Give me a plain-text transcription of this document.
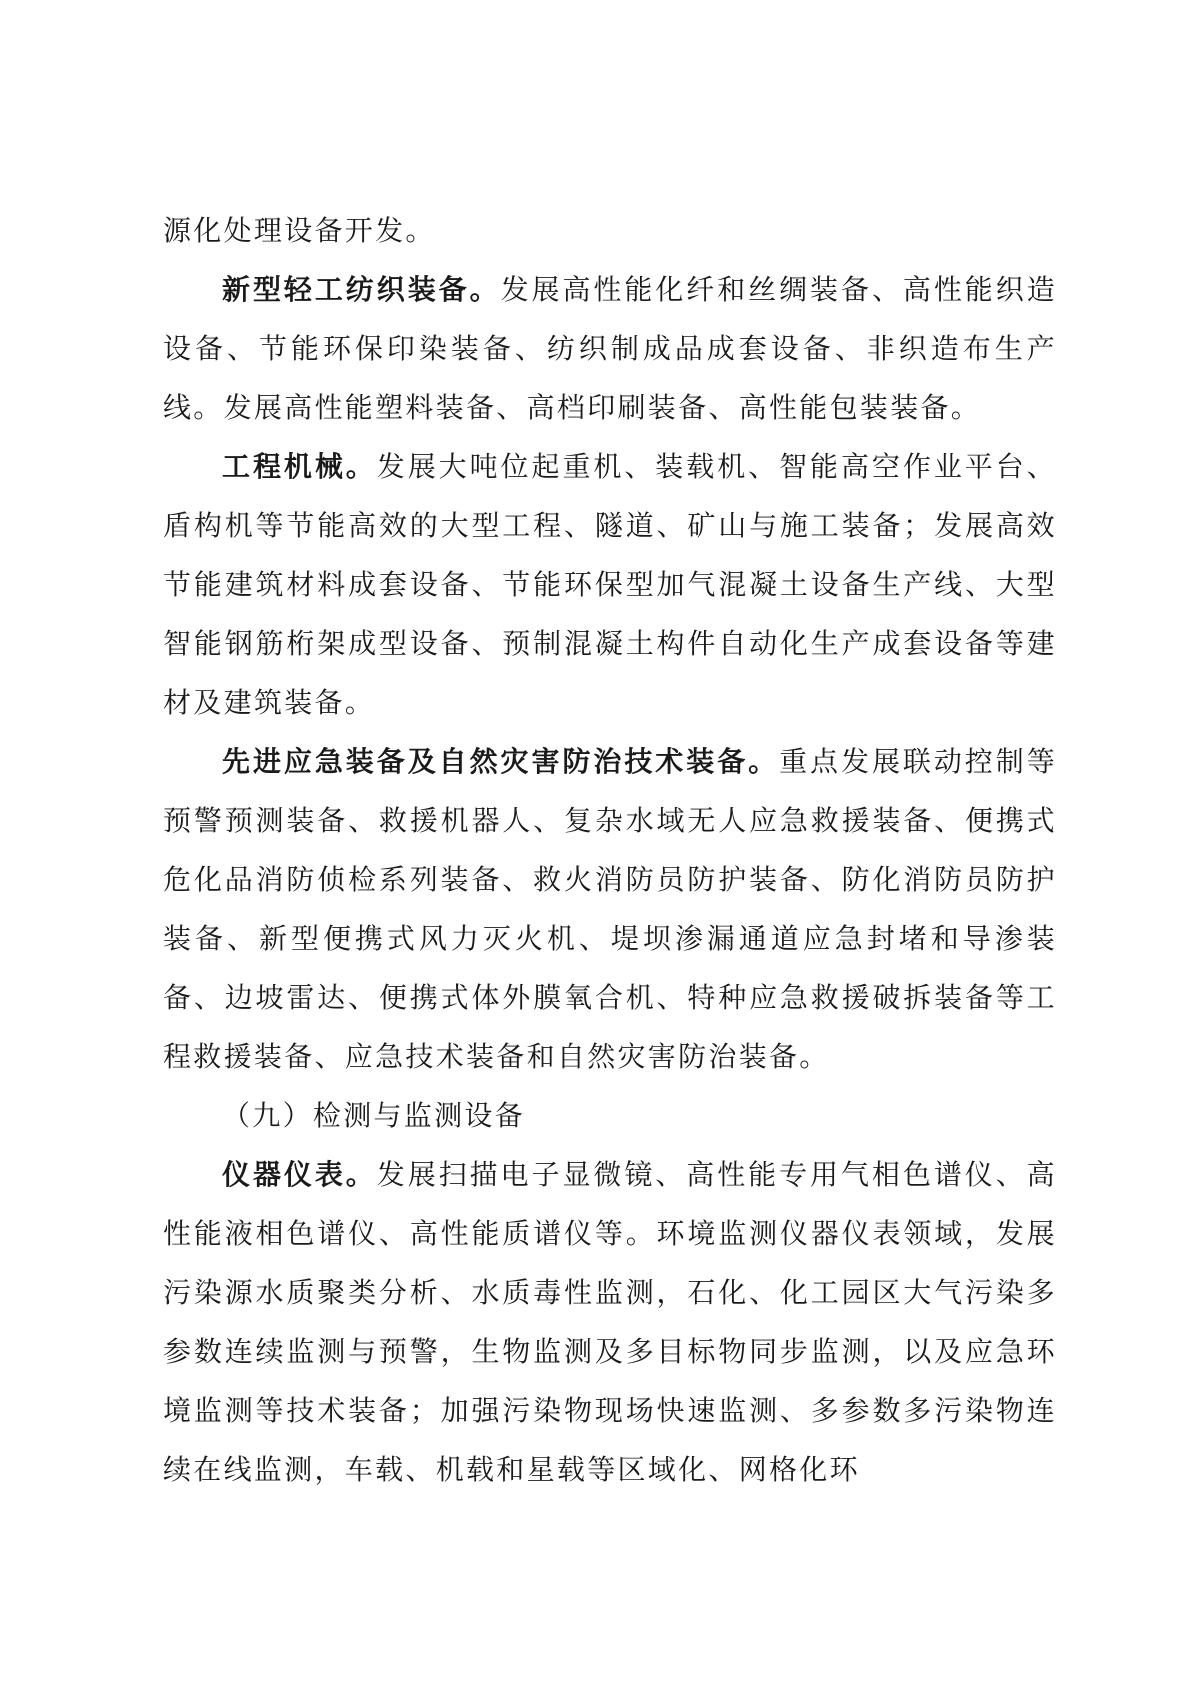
源化处理设备开发。

新型轻工纺织装备。发展高性能化纤和丝绸装备、高性能织造设备、节能环保印染装备、纺织制成品成套设备、非织造布生产线。发展高性能塑料装备、高档印刷装备、高性能包装装备。

工程机械。发展大吨位起重机、装载机、智能高空作业平台、盾构机等节能高效的大型工程、隧道、矿山与施工装备；发展高效节能建筑材料成套设备、节能环保型加气混凝土设备生产线、大型智能钢筋桁架成型设备、预制混凝土构件自动化生产成套设备等建材及建筑装备。

先进应急装备及自然灾害防治技术装备。重点发展联动控制等预警预测装备、救援机器人、复杂水域无人应急救援装备、便携式危化品消防侦检系列装备、救火消防员防护装备、防化消防员防护装备、新型便携式风力灭火机、堤坝渗漏通道应急封堵和导渗装备、边坡雷达、便携式体外膜氧合机、特种应急救援破拆装备等工程救援装备、应急技术装备和自然灾害防治装备。

（九）检测与监测设备

仪器仪表。发展扫描电子显微镜、高性能专用气相色谱仪、高性能液相色谱仪、高性能质谱仪等。环境监测仪器仪表领域，发展污染源水质聚类分析、水质毒性监测，石化、化工园区大气污染多参数连续监测与预警，生物监测及多目标物同步监测，以及应急环境监测等技术装备；加强污染物现场快速监测、多参数多污染物连续在线监测，车载、机载和星载等区域化、网格化环
